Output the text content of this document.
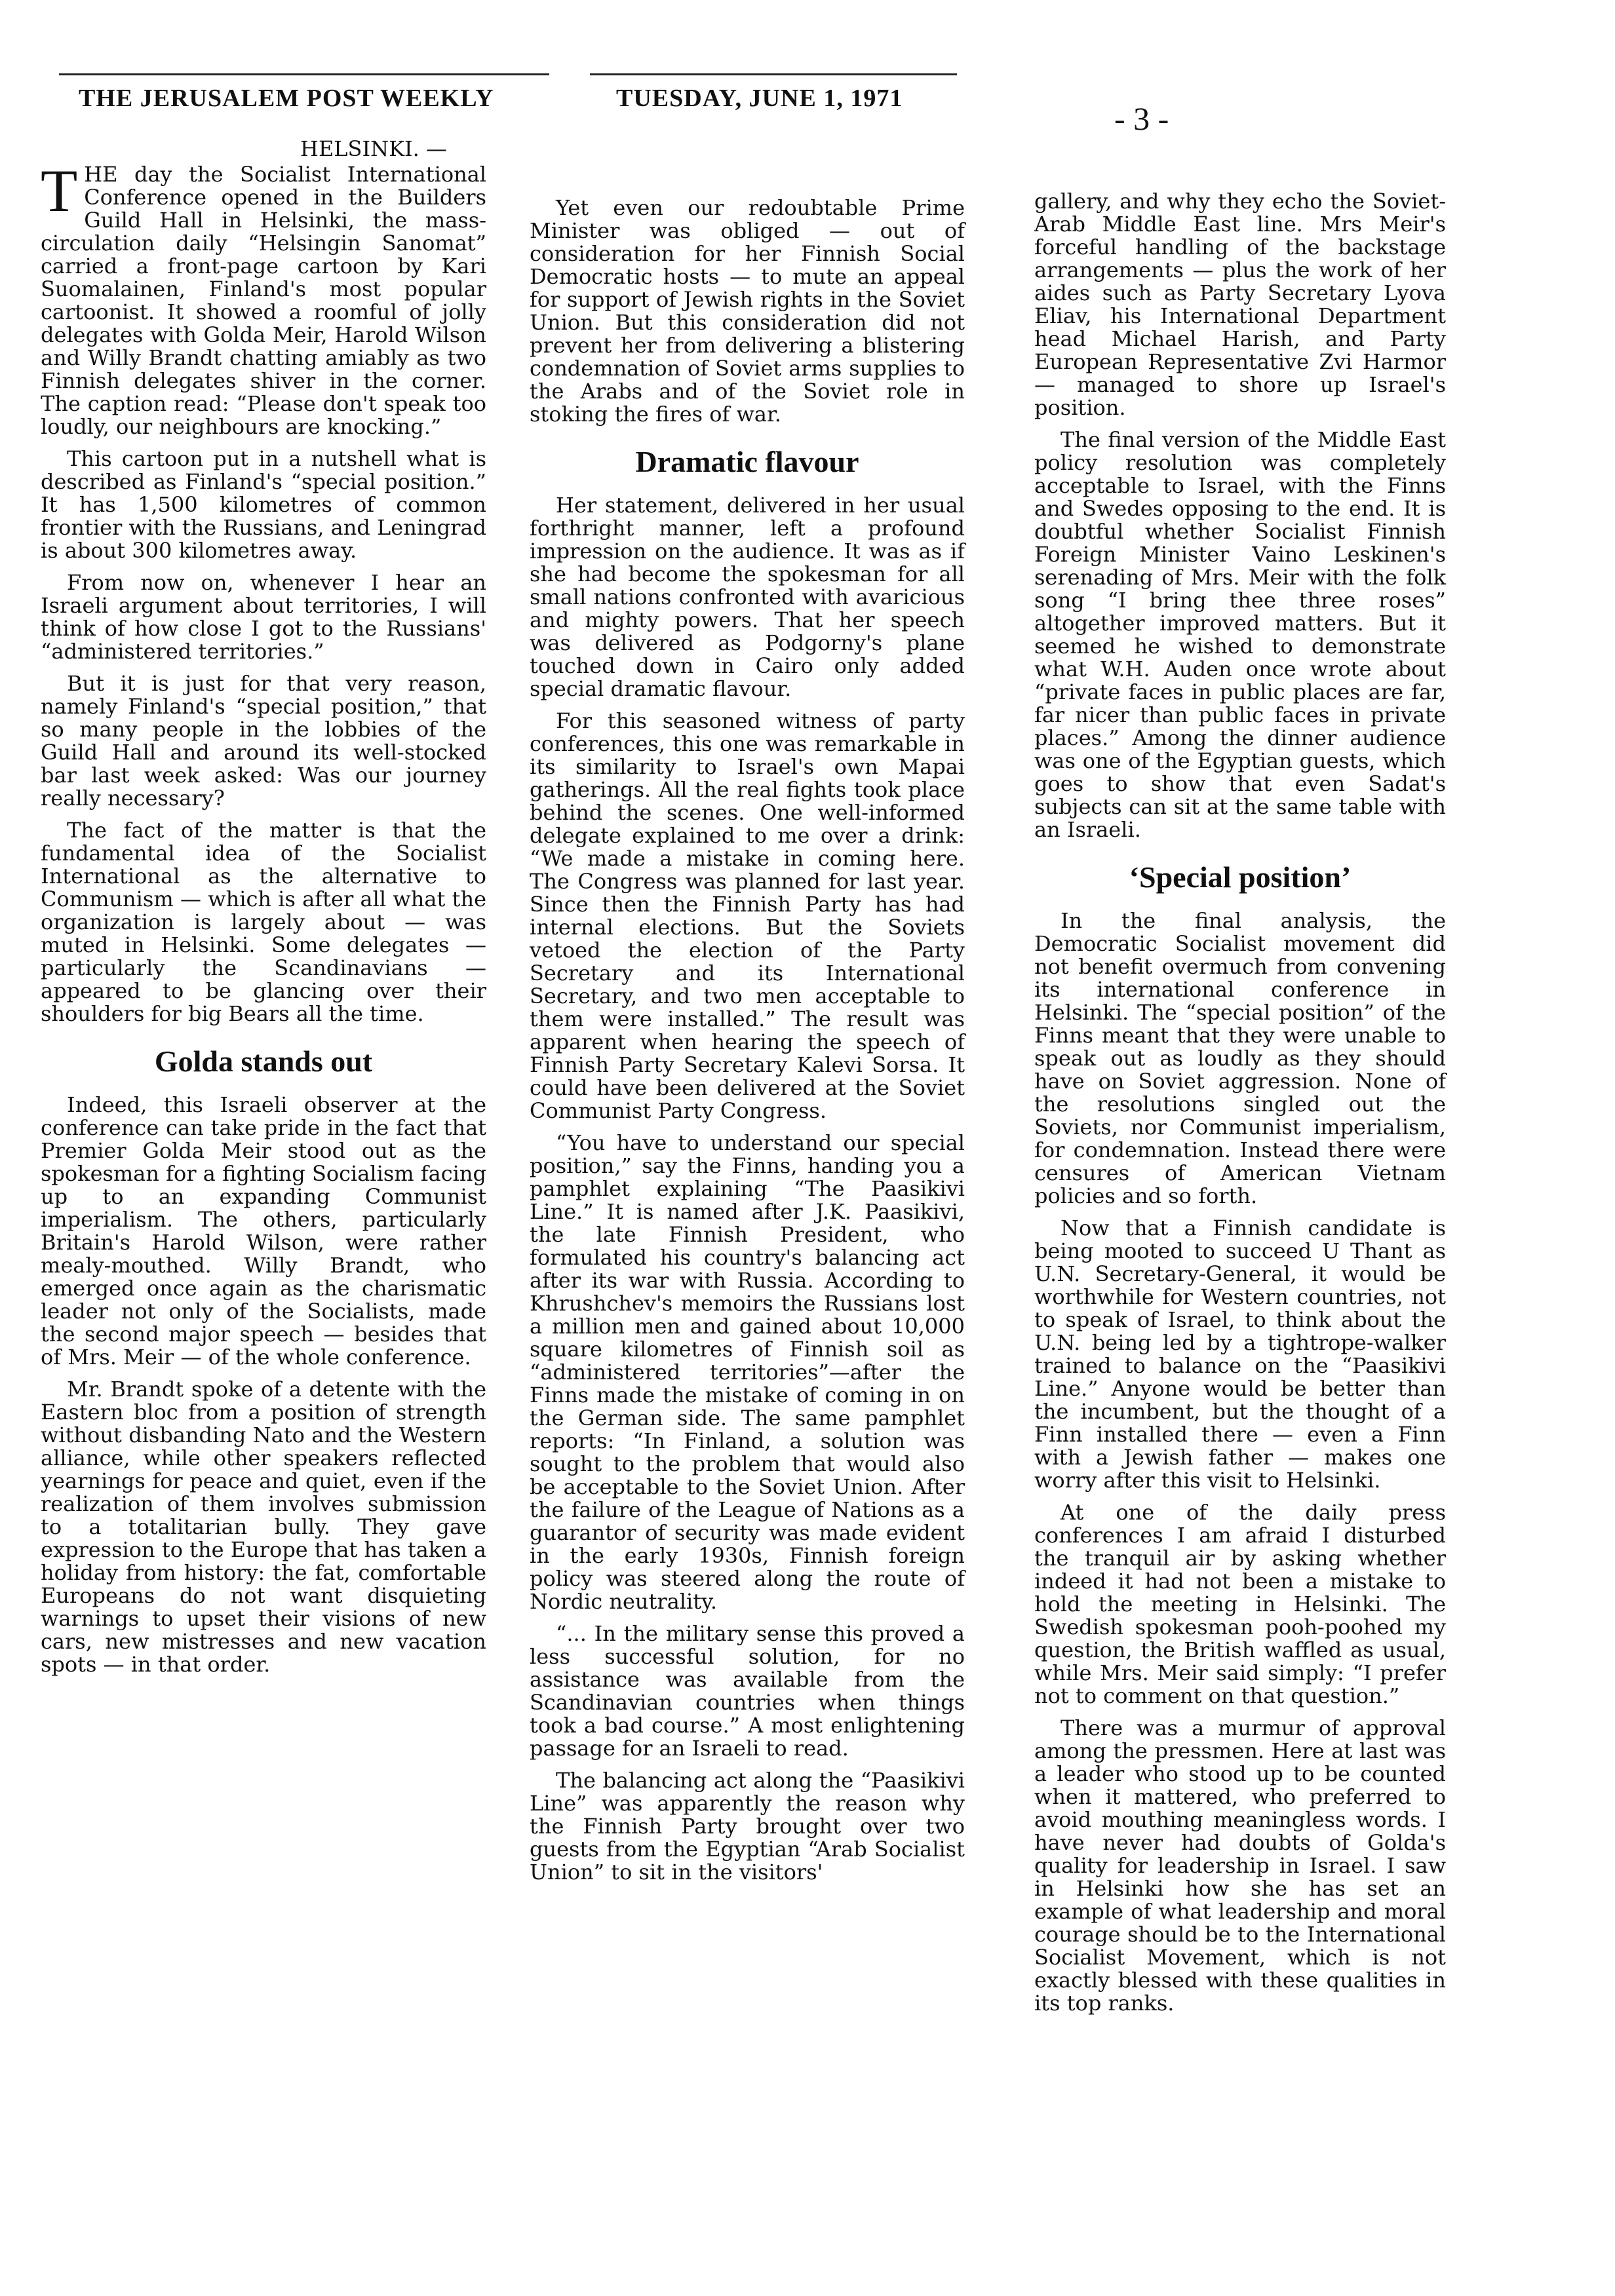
THE JERUSALEM POST WEEKLY	TUESDAY, JUNE 1, 1971
- 3 -
HELSINKI. —

THE day the Socialist International Conference opened in the Builders Guild Hall in Helsinki, the mass-circulation daily “Helsingin Sanomat” carried a front-page cartoon by Kari Suomalainen, Finland's most popular cartoonist. It showed a roomful of jolly delegates with Golda Meir, Harold Wilson and Willy Brandt chatting amiably as two Finnish delegates shiver in the corner. The caption read: “Please don't speak too loudly, our neighbours are knocking.”

This cartoon put in a nutshell what is described as Finland's “special position.” It has 1,500 kilometres of common frontier with the Russians, and Leningrad is about 300 kilometres away.

From now on, whenever I hear an Israeli argument about territories, I will think of how close I got to the Russians' “administered territories.”

But it is just for that very reason, namely Finland's “special position,” that so many people in the lobbies of the Guild Hall and around its well-stocked bar last week asked: Was our journey really necessary?

The fact of the matter is that the fundamental idea of the Socialist International as the alternative to Communism — which is after all what the organization is largely about — was muted in Helsinki. Some delegates — particularly the Scandinavians — appeared to be glancing over their shoulders for big Bears all the time.

Golda stands out

Indeed, this Israeli observer at the conference can take pride in the fact that Premier Golda Meir stood out as the spokesman for a fighting Socialism facing up to an expanding Communist imperialism. The others, particularly Britain's Harold Wilson, were rather mealy-mouthed. Willy Brandt, who emerged once again as the charismatic leader not only of the Socialists, made the second major speech — besides that of Mrs. Meir — of the whole conference.

Mr. Brandt spoke of a detente with the Eastern bloc from a position of strength without disbanding Nato and the Western alliance, while other speakers reflected yearnings for peace and quiet, even if the realization of them involves submission to a totalitarian bully. They gave expression to the Europe that has taken a holiday from history: the fat, comfortable Europeans do not want disquieting warnings to upset their visions of new cars, new mistresses and new vacation spots — in that order.

Yet even our redoubtable Prime Minister was obliged — out of consideration for her Finnish Social Democratic hosts — to mute an appeal for support of Jewish rights in the Soviet Union. But this consideration did not prevent her from delivering a blistering condemnation of Soviet arms supplies to the Arabs and of the Soviet role in stoking the fires of war.

Dramatic flavour

Her statement, delivered in her usual forthright manner, left a profound impression on the audience. It was as if she had become the spokesman for all small nations confronted with avaricious and mighty powers. That her speech was delivered as Podgorny's plane touched down in Cairo only added special dramatic flavour.

For this seasoned witness of party conferences, this one was remarkable in its similarity to Israel's own Mapai gatherings. All the real fights took place behind the scenes. One well-informed delegate explained to me over a drink: “We made a mistake in coming here. The Congress was planned for last year. Since then the Finnish Party has had internal elections. But the Soviets vetoed the election of the Party Secretary and its International Secretary, and two men acceptable to them were installed.” The result was apparent when hearing the speech of Finnish Party Secretary Kalevi Sorsa. It could have been delivered at the Soviet Communist Party Congress.

“You have to understand our special position,” say the Finns, handing you a pamphlet explaining “The Paasikivi Line.” It is named after J.K. Paasikivi, the late Finnish President, who formulated his country's balancing act after its war with Russia. According to Khrushchev's memoirs the Russians lost a million men and gained about 10,000 square kilometres of Finnish soil as “administered territories”—after the Finns made the mistake of coming in on the German side. The same pamphlet reports: “In Finland, a solution was sought to the problem that would also be acceptable to the Soviet Union. After the failure of the League of Nations as a guarantor of security was made evident in the early 1930s, Finnish foreign policy was steered along the route of Nordic neutrality.

“... In the military sense this proved a less successful solution, for no assistance was available from the Scandinavian countries when things took a bad course.” A most enlightening passage for an Israeli to read.

The balancing act along the “Paasikivi Line” was apparently the reason why the Finnish Party brought over two guests from the Egyptian “Arab Socialist Union” to sit in the visitors'

gallery, and why they echo the Soviet-Arab Middle East line. Mrs Meir's forceful handling of the backstage arrangements — plus the work of her aides such as Party Secretary Lyova Eliav, his International Department head Michael Harish, and Party European Representative Zvi Harmor — managed to shore up Israel's position.

The final version of the Middle East policy resolution was completely acceptable to Israel, with the Finns and Swedes opposing to the end. It is doubtful whether Socialist Finnish Foreign Minister Vaino Leskinen's serenading of Mrs. Meir with the folk song “I bring thee three roses” altogether improved matters. But it seemed he wished to demonstrate what W.H. Auden once wrote about “private faces in public places are far, far nicer than public faces in private places.” Among the dinner audience was one of the Egyptian guests, which goes to show that even Sadat's subjects can sit at the same table with an Israeli.

‘Special position’

In the final analysis, the Democratic Socialist movement did not benefit overmuch from convening its international conference in Helsinki. The “special position” of the Finns meant that they were unable to speak out as loudly as they should have on Soviet aggression. None of the resolutions singled out the Soviets, nor Communist imperialism, for condemnation. Instead there were censures of American Vietnam policies and so forth.

Now that a Finnish candidate is being mooted to succeed U Thant as U.N. Secretary-General, it would be worthwhile for Western countries, not to speak of Israel, to think about the U.N. being led by a tightrope-walker trained to balance on the “Paasikivi Line.” Anyone would be better than the incumbent, but the thought of a Finn installed there — even a Finn with a Jewish father — makes one worry after this visit to Helsinki.

At one of the daily press conferences I am afraid I disturbed the tranquil air by asking whether indeed it had not been a mistake to hold the meeting in Helsinki. The Swedish spokesman pooh-poohed my question, the British waffled as usual, while Mrs. Meir said simply: “I prefer not to comment on that question.”

There was a murmur of approval among the pressmen. Here at last was a leader who stood up to be counted when it mattered, who preferred to avoid mouthing meaningless words. I have never had doubts of Golda's quality for leadership in Israel. I saw in Helsinki how she has set an example of what leadership and moral courage should be to the International Socialist Movement, which is not exactly blessed with these qualities in its top ranks.
